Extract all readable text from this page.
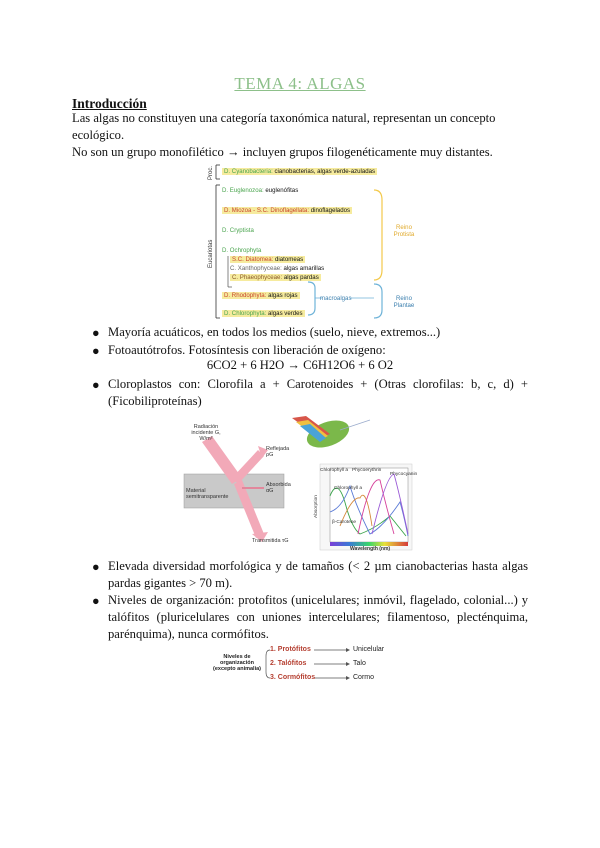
TEMA 4: ALGAS
Introducción
Las algas no constituyen una categoría taxonómica natural, representan un concepto ecológico.
No son un grupo monofilético → incluyen grupos filogenéticamente muy distantes.
Proc.
Eucariotas
D. Cyanobacteria: cianobacterias, algas verde-azuladas
D. Euglenozoa: euglenófitas
D. Miozoa - S.C. Dinoflagellata: dinoflagelados
D. Cryptista
D. Ochrophyta
S.C. Diatomea: diatomeas
C. Xanthophyceae: algas amarillas
C. Phaeophyceae: algas pardas
D. Rhodophyta: algas rojas
D. Chlorophyta: algas verdes
Reino Protista
macroalgas	Reino Plantae
● Mayoría acuáticos, en todos los medios (suelo, nieve, extremos...)
● Fotoautótrofos. Fotosíntesis con liberación de oxígeno:
6CO2 + 6 H2O → C6H12O6 + 6 O2
● Cloroplastos con: Clorofila a + Carotenoides + (Otras clorofilas: b, c, d) + (Ficobiliproteínas)
Radiación incidente G, W/m²
Reflejada ρG
Absorbida αG
Material semitransparente
Transmitida τG
Chlorophyll a Phycoerythrin
Phycocyanin
Chlorophyll a
β-Carotene
Absorption
Wavelength (nm)
● Elevada diversidad morfológica y de tamaños (< 2 µm cianobacterias hasta algas pardas gigantes > 70 m).
● Niveles de organización: protofitos (unicelulares; inmóvil, flagelado, colonial...) y talófitos (pluricelulares con uniones intercelulares; filamentoso, plecténquima, parénquima), nunca cormófitos.
Niveles de organización (excepto animalia)
1. Protófitos
2. Talófitos
3. Cormófitos
Unicelular
Talo
Cormo
